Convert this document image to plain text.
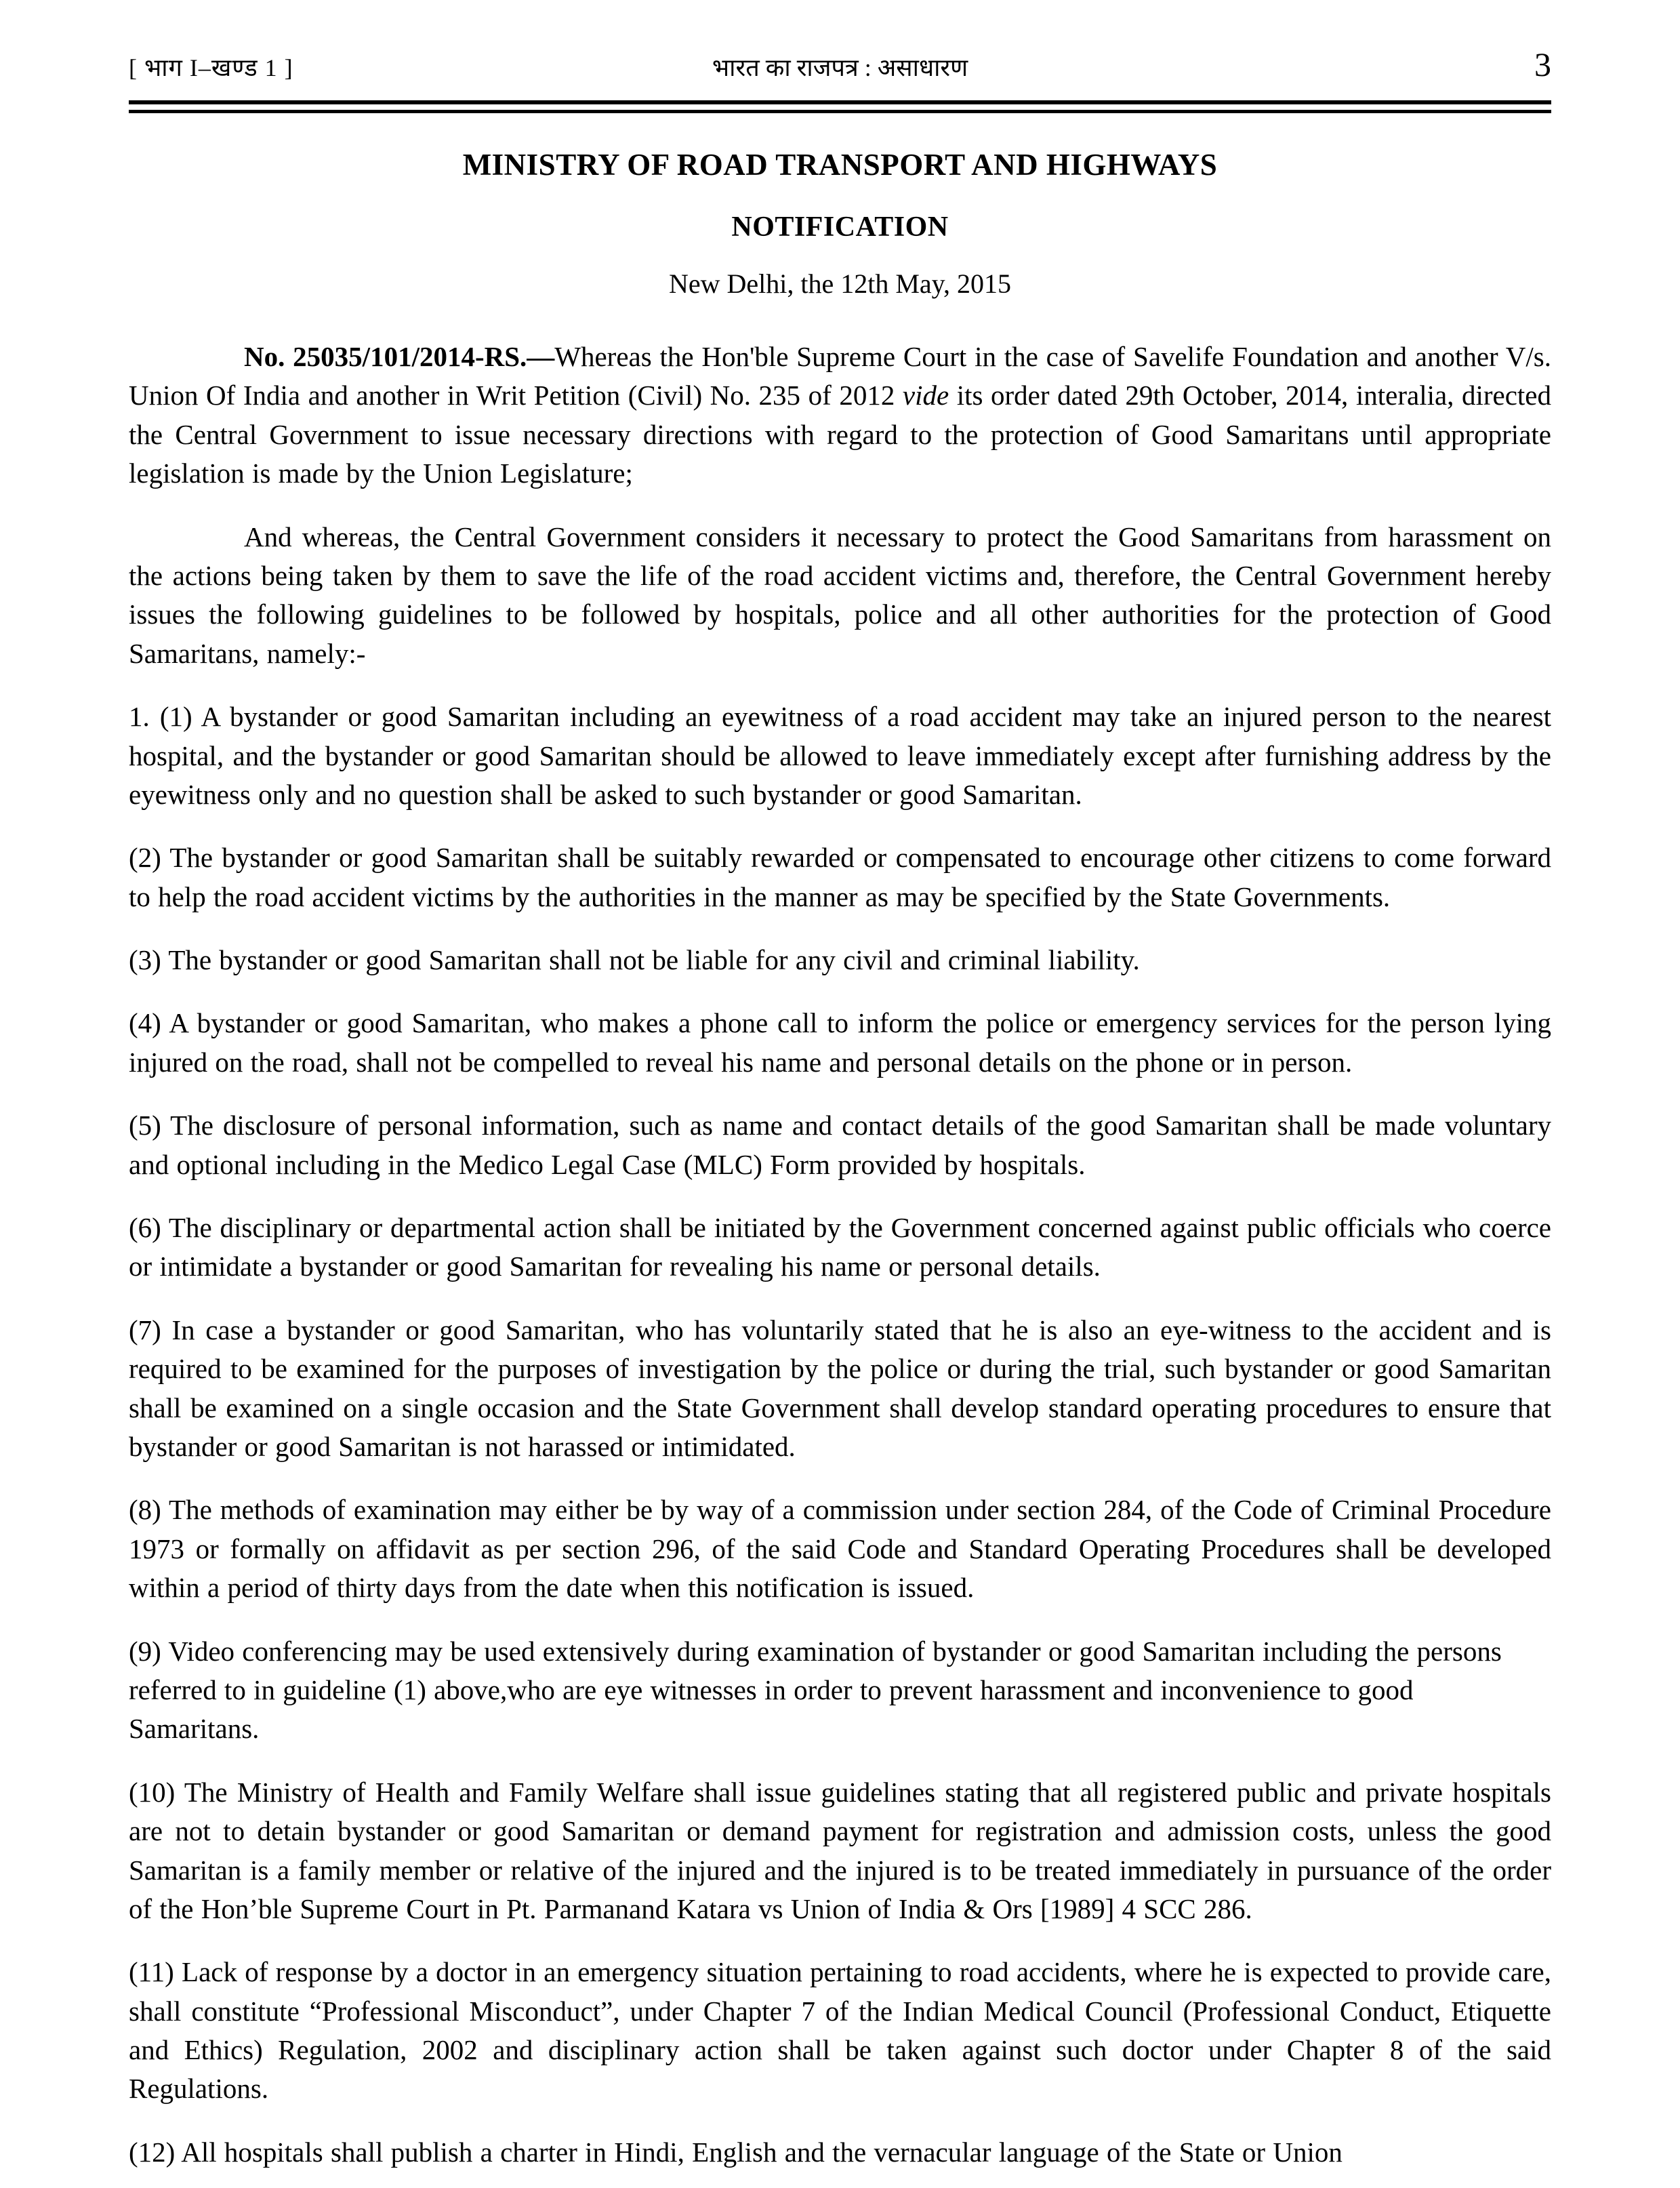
[ भाग I–खण्ड 1 ]	भारत का राजपत्र : असाधारण	3
MINISTRY OF ROAD TRANSPORT AND HIGHWAYS
NOTIFICATION

New Delhi, the 12th May, 2015

No. 25035/101/2014-RS.—Whereas the Hon'ble Supreme Court in the case of Savelife Foundation and another V/s. Union Of India and another in Writ Petition (Civil) No. 235 of 2012 vide its order dated 29th October, 2014, interalia, directed the Central Government to issue necessary directions with regard to the protection of Good Samaritans until appropriate legislation is made by the Union Legislature;

And whereas, the Central Government considers it necessary to protect the Good Samaritans from harassment on the actions being taken by them to save the life of the road accident victims and, therefore, the Central Government hereby issues the following guidelines to be followed by hospitals, police and all other authorities for the protection of Good Samaritans, namely:-

1. (1) A bystander or good Samaritan including an eyewitness of a road accident may take an injured person to the nearest hospital, and the bystander or good Samaritan should be allowed to leave immediately except after furnishing address by the eyewitness only and no question shall be asked to such bystander or good Samaritan.

(2) The bystander or good Samaritan shall be suitably rewarded or compensated to encourage other citizens to come forward to help the road accident victims by the authorities in the manner as may be specified by the State Governments.

(3) The bystander or good Samaritan shall not be liable for any civil and criminal liability.

(4) A bystander or good Samaritan, who makes a phone call to inform the police or emergency services for the person lying injured on the road, shall not be compelled to reveal his name and personal details on the phone or in person.

(5) The disclosure of personal information, such as name and contact details of the good Samaritan shall be made voluntary and optional including in the Medico Legal Case (MLC) Form provided by hospitals.

(6) The disciplinary or departmental action shall be initiated by the Government concerned against public officials who coerce or intimidate a bystander or good Samaritan for revealing his name or personal details.

(7) In case a bystander or good Samaritan, who has voluntarily stated that he is also an eye-witness to the accident and is required to be examined for the purposes of investigation by the police or during the trial, such bystander or good Samaritan shall be examined on a single occasion and the State Government shall develop standard operating procedures to ensure that bystander or good Samaritan is not harassed or intimidated.

(8) The methods of examination may either be by way of a commission under section 284, of the Code of Criminal Procedure 1973 or formally on affidavit as per section 296, of the said Code and Standard Operating Procedures shall be developed within a period of thirty days from the date when this notification is issued.

(9) Video conferencing may be used extensively during examination of bystander or good Samaritan including the persons referred to in guideline (1) above,who are eye witnesses in order to prevent harassment and inconvenience to good Samaritans.

(10) The Ministry of Health and Family Welfare shall issue guidelines stating that all registered public and private hospitals are not to detain bystander or good Samaritan or demand payment for registration and admission costs, unless the good Samaritan is a family member or relative of the injured and the injured is to be treated immediately in pursuance of the order of the Hon’ble Supreme Court in Pt. Parmanand Katara vs Union of India & Ors [1989] 4 SCC 286.

(11) Lack of response by a doctor in an emergency situation pertaining to road accidents, where he is expected to provide care, shall constitute “Professional Misconduct”, under Chapter 7 of the Indian Medical Council (Professional Conduct, Etiquette and Ethics) Regulation, 2002 and disciplinary action shall be taken against such doctor under Chapter 8 of the said Regulations.

(12) All hospitals shall publish a charter in Hindi, English and the vernacular language of the State or Union
